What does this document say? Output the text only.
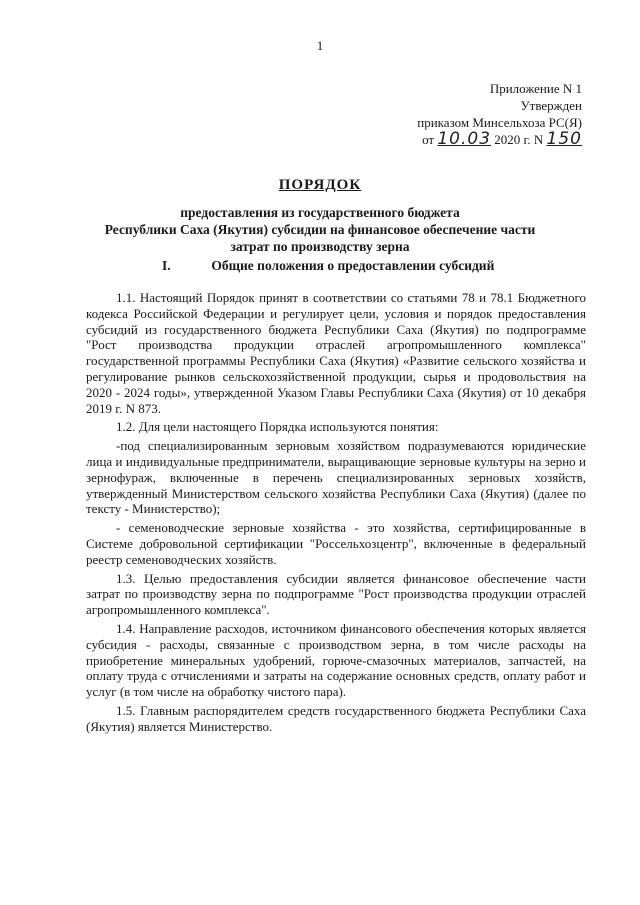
1
Приложение N 1
Утвержден
приказом Минсельхоза РС(Я)
от 10.03 2020 г. N 150
ПОРЯДОК
предоставления из государственного бюджета
Республики Саха (Якутия) субсидии на финансовое обеспечение части
затрат по производству зерна
I.	Общие положения о предоставлении субсидий

1.1. Настоящий Порядок принят в соответствии со статьями 78 и 78.1 Бюджетного кодекса Российской Федерации и регулирует цели, условия и порядок предоставления субсидий из государственного бюджета Республики Саха (Якутия) по подпрограмме "Рост производства продукции отраслей агропромышленного комплекса" государственной программы Республики Саха (Якутия) «Развитие сельского хозяйства и регулирование рынков сельскохозяйственной продукции, сырья и продовольствия на 2020 - 2024 годы», утвержденной Указом Главы Республики Саха (Якутия) от 10 декабря 2019 г. N 873.

1.2. Для цели настоящего Порядка используются понятия:

-под специализированным зерновым хозяйством подразумеваются юридические лица и индивидуальные предприниматели, выращивающие зерновые культуры на зерно и зернофураж, включенные в перечень специализированных зерновых хозяйств, утвержденный Министерством сельского хозяйства Республики Саха (Якутия) (далее по тексту - Министерство);

- семеноводческие зерновые хозяйства - это хозяйства, сертифицированные в Системе добровольной сертификации "Россельхозцентр", включенные в федеральный реестр семеноводческих хозяйств.

1.3. Целью предоставления субсидии является финансовое обеспечение части затрат по производству зерна по подпрограмме "Рост производства продукции отраслей агропромышленного комплекса".

1.4. Направление расходов, источником финансового обеспечения которых является субсидия - расходы, связанные с производством зерна, в том числе расходы на приобретение минеральных удобрений, горюче-смазочных материалов, запчастей, на оплату труда с отчислениями и затраты на содержание основных средств, оплату работ и услуг (в том числе на обработку чистого пара).

1.5. Главным распорядителем средств государственного бюджета Республики Саха (Якутия) является Министерство.
